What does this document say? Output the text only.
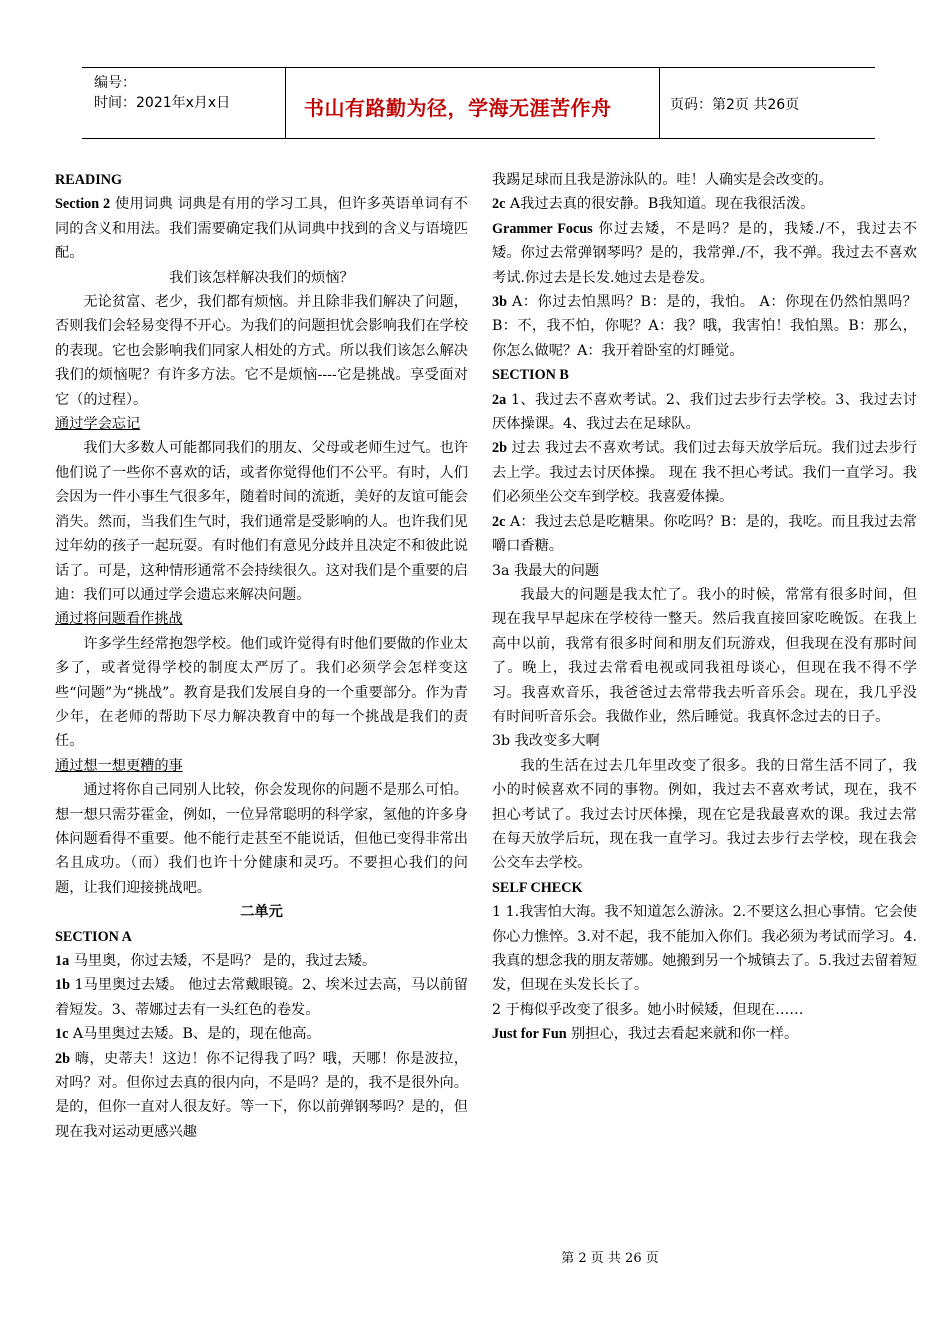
编号：
时间：2021年x月x日	书山有路勤为径，学海无涯苦作舟	页码：第2页 共26页

READING

Section 2 使用词典 词典是有用的学习工具，但许多英语单词有不同的含义和用法。我们需要确定我们从词典中找到的含义与语境匹配。

我们该怎样解决我们的烦恼？

无论贫富、老少，我们都有烦恼。并且除非我们解决了问题，否则我们会轻易变得不开心。为我们的问题担忧会影响我们在学校的表现。它也会影响我们同家人相处的方式。所以我们该怎么解决我们的烦恼呢？有许多方法。它不是烦恼----它是挑战。享受面对它（的过程）。

通过学会忘记

我们大多数人可能都同我们的朋友、父母或老师生过气。也许他们说了一些你不喜欢的话，或者你觉得他们不公平。有时，人们会因为一件小事生气很多年，随着时间的流逝，美好的友谊可能会消失。然而，当我们生气时，我们通常是受影响的人。也许我们见过年幼的孩子一起玩耍。有时他们有意见分歧并且决定不和彼此说话了。可是，这种情形通常不会持续很久。这对我们是个重要的启迪：我们可以通过学会遗忘来解决问题。

通过将问题看作挑战

许多学生经常抱怨学校。他们或许觉得有时他们要做的作业太多了，或者觉得学校的制度太严厉了。我们必须学会怎样变这些“问题”为“挑战”。教育是我们发展自身的一个重要部分。作为青少年，在老师的帮助下尽力解决教育中的每一个挑战是我们的责任。

通过想一想更糟的事

通过将你自己同别人比较，你会发现你的问题不是那么可怕。想一想只需芬霍金，例如，一位异常聪明的科学家，氢他的许多身体问题看得不重要。他不能行走甚至不能说话，但他已变得非常出名且成功。（而）我们也许十分健康和灵巧。不要担心我们的问题，让我们迎接挑战吧。

二单元

SECTION A

1a 马里奥，你过去矮，不是吗？ 是的，我过去矮。

1b 1马里奥过去矮。 他过去常戴眼镜。2、埃米过去高，马以前留着短发。3、蒂娜过去有一头红色的卷发。

1c A马里奥过去矮。B、是的，现在他高。

2b 嗨，史蒂夫！这边！你不记得我了吗？哦，天哪！你是波拉，对吗？对。但你过去真的很内向，不是吗？是的，我不是很外向。是的，但你一直对人很友好。等一下，你以前弹钢琴吗？是的，但现在我对运动更感兴趣

我踢足球而且我是游泳队的。哇！人确实是会改变的。

2c A我过去真的很安静。B我知道。现在我很活泼。

Grammer Focus 你过去矮，不是吗？是的，我矮./不，我过去不矮。你过去常弹钢琴吗？是的，我常弹./不，我不弹。我过去不喜欢考试.你过去是长发.她过去是卷发。

3b A：你过去怕黑吗？B：是的，我怕。 A：你现在仍然怕黑吗？B：不，我不怕，你呢？A：我？哦，我害怕！我怕黑。B：那么，你怎么做呢？A：我开着卧室的灯睡觉。

SECTION B

2a 1、我过去不喜欢考试。2、我们过去步行去学校。3、我过去讨厌体操课。4、我过去在足球队。

2b 过去 我过去不喜欢考试。我们过去每天放学后玩。我们过去步行去上学。我过去讨厌体操。 现在 我不担心考试。我们一直学习。我们必须坐公交车到学校。我喜爱体操。

2c A：我过去总是吃糖果。你吃吗？B：是的，我吃。而且我过去常嚼口香糖。

3a 我最大的问题

我最大的问题是我太忙了。我小的时候，常常有很多时间，但现在我早早起床在学校待一整天。然后我直接回家吃晚饭。在我上高中以前，我常有很多时间和朋友们玩游戏，但我现在没有那时间了。晚上，我过去常看电视或同我祖母谈心，但现在我不得不学习。我喜欢音乐，我爸爸过去常带我去听音乐会。现在，我几乎没有时间听音乐会。我做作业，然后睡觉。我真怀念过去的日子。

3b 我改变多大啊

我的生活在过去几年里改变了很多。我的日常生活不同了，我小的时候喜欢不同的事物。例如，我过去不喜欢考试，现在，我不担心考试了。我过去讨厌体操，现在它是我最喜欢的课。我过去常在每天放学后玩，现在我一直学习。我过去步行去学校，现在我会公交车去学校。

SELF CHECK

1 1.我害怕大海。我不知道怎么游泳。2.不要这么担心事情。它会使你心力憔悴。3.对不起，我不能加入你们。我必须为考试而学习。4.我真的想念我的朋友蒂娜。她搬到另一个城镇去了。5.我过去留着短发，但现在头发长长了。

2 于梅似乎改变了很多。她小时候矮，但现在……

Just for Fun 别担心，我过去看起来就和你一样。

第 2 页 共 26 页
